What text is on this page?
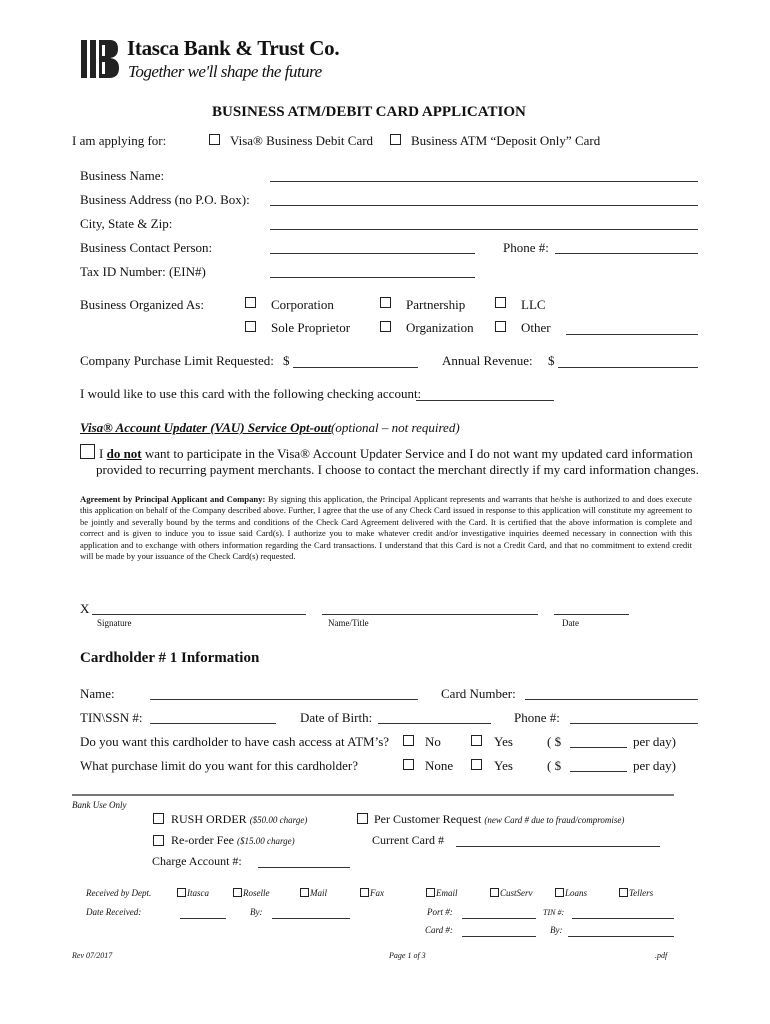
Itasca Bank & Trust Co.
Together we'll shape the future
BUSINESS ATM/DEBIT CARD APPLICATION
I am applying for:	Visa® Business Debit Card	Business ATM “Deposit Only” Card
Business Name:
Business Address (no P.O. Box):
City, State & Zip:
Business Contact Person:	Phone #:
Tax ID Number: (EIN#)
Business Organized As:	Corporation	Partnership	LLC
Sole Proprietor	Organization	Other
Company Purchase Limit Requested: $	Annual Revenue: $
I would like to use this card with the following checking account:
Visa® Account Updater (VAU) Service Opt-out (optional – not required)
I do not want to participate in the Visa® Account Updater Service and I do not want my updated card information
provided to recurring payment merchants. I choose to contact the merchant directly if my card information changes.
Agreement by Principal Applicant and Company: By signing this application, the Principal Applicant represents and warrants that he/she is authorized to and does execute this application on behalf of the Company described above. Further, I agree that the use of any Check Card issued in response to this application will constitute my agreement to be jointly and severally bound by the terms and conditions of the Check Card Agreement delivered with the Card. It is certified that the above information is complete and correct and is given to induce you to issue said Card(s). I authorize you to make whatever credit and/or investigative inquiries deemed necessary in connection with this application and to exchange with others information regarding the Card transactions. I understand that this Card is not a Credit Card, and that no commitment to extend credit will be made by your issuance of the Check Card(s) requested.
X
Signature	Name/Title	Date
Cardholder # 1 Information
Name:	Card Number:
TIN\SSN #:	Date of Birth:	Phone #:
Do you want this cardholder to have cash access at ATM’s?	No	Yes	( $	per day)
What purchase limit do you want for this cardholder?	None	Yes	( $	per day)
Bank Use Only
RUSH ORDER ($50.00 charge)	Per Customer Request (new Card # due to fraud/compromise)
Re-order Fee ($15.00 charge)	Current Card #
Charge Account #:
Received by Dept.	Itasca	Roselle	Mail	Fax	Email	CustServ	Loans	Tellers
Date Received:	By:	Port #:	TIN #:
Card #:	By:
Rev 07/2017	Page 1 of 3	.pdf
